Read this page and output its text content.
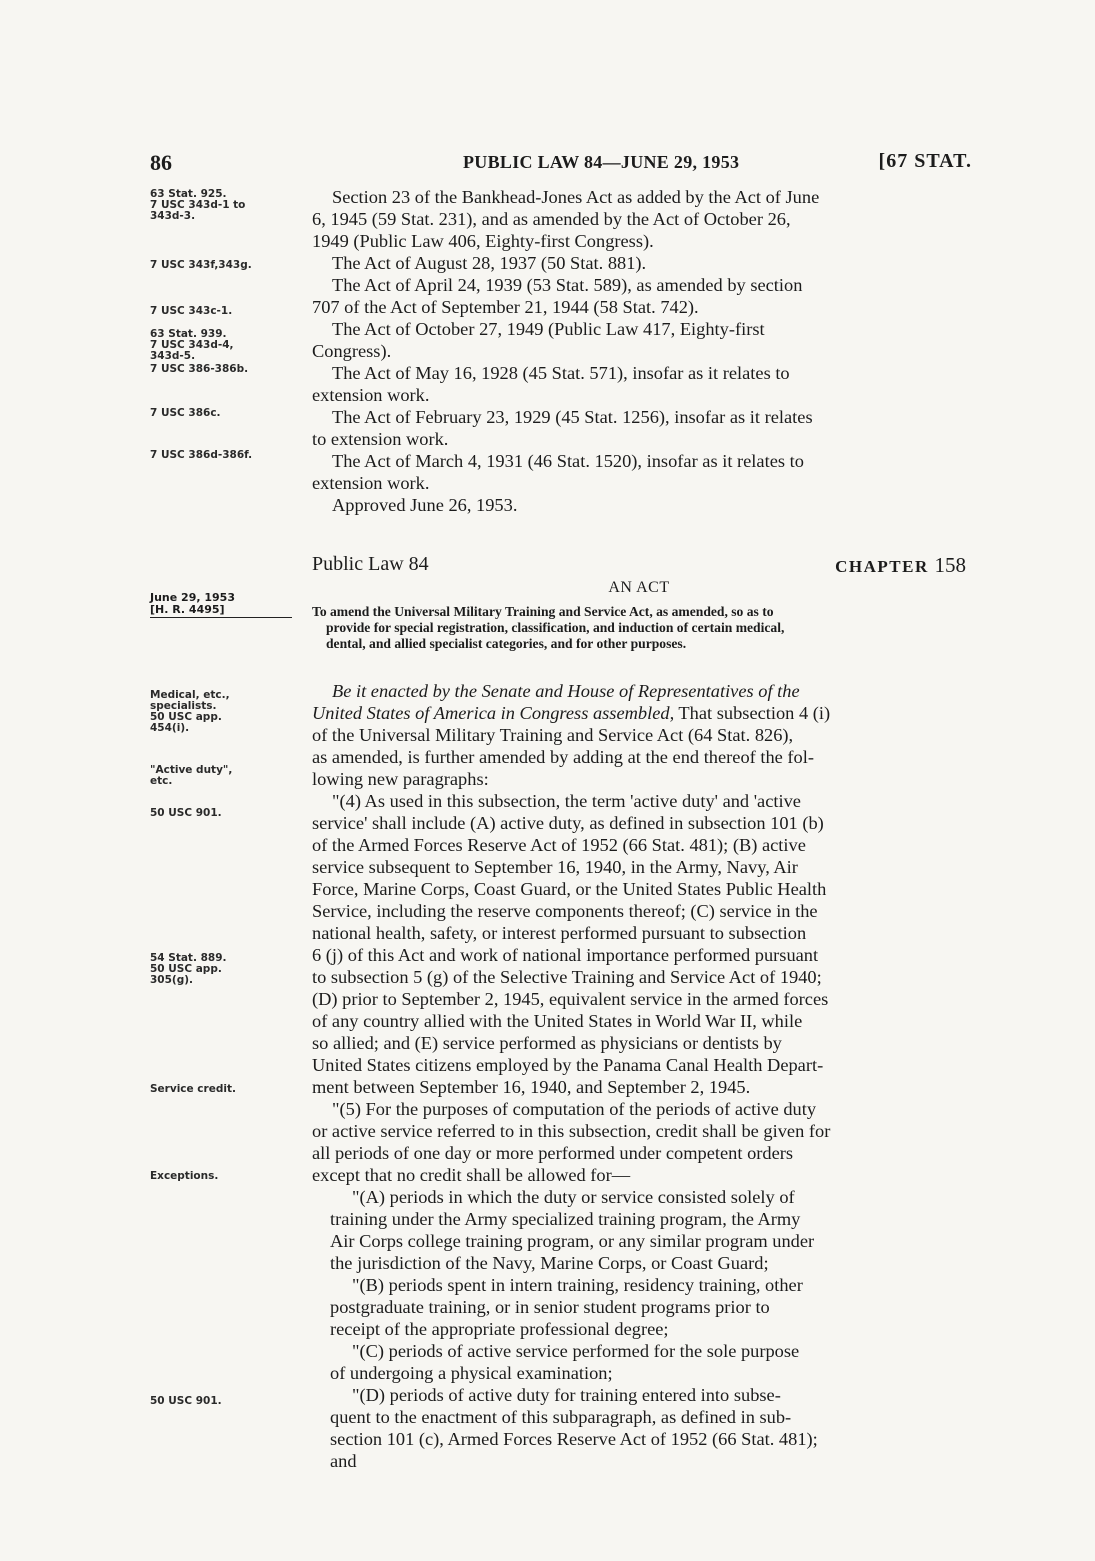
86	PUBLIC LAW 84—JUNE 29, 1953	[67 STAT.
63 Stat. 925.
7 USC 343d-1 to
343d-3.
7 USC 343f,343g.
7 USC 343c-1.
63 Stat. 939.
7 USC 343d-4,
343d-5.
7 USC 386-386b.
7 USC 386c.
7 USC 386d-386f.
June 29, 1953
[H. R. 4495]
Medical, etc.,
specialists.
50 USC app.
454(i).
"Active duty",
etc.
50 USC 901.
54 Stat. 889.
50 USC app.
305(g).
Service credit.
Exceptions.
50 USC 901.
Section 23 of the Bankhead-Jones Act as added by the Act of June
6, 1945 (59 Stat. 231), and as amended by the Act of October 26,
1949 (Public Law 406, Eighty-first Congress).
The Act of August 28, 1937 (50 Stat. 881).
The Act of April 24, 1939 (53 Stat. 589), as amended by section
707 of the Act of September 21, 1944 (58 Stat. 742).
The Act of October 27, 1949 (Public Law 417, Eighty-first
Congress).
The Act of May 16, 1928 (45 Stat. 571), insofar as it relates to
extension work.
The Act of February 23, 1929 (45 Stat. 1256), insofar as it relates
to extension work.
The Act of March 4, 1931 (46 Stat. 1520), insofar as it relates to
extension work.
Approved June 26, 1953.
Public Law 84	CHAPTER 158
AN ACT
To amend the Universal Military Training and Service Act, as amended, so as to
provide for special registration, classification, and induction of certain medical,
dental, and allied specialist categories, and for other purposes.
Be it enacted by the Senate and House of Representatives of the
United States of America in Congress assembled, That subsection 4 (i)
of the Universal Military Training and Service Act (64 Stat. 826),
as amended, is further amended by adding at the end thereof the fol-
lowing new paragraphs:
"(4) As used in this subsection, the term 'active duty' and 'active
service' shall include (A) active duty, as defined in subsection 101 (b)
of the Armed Forces Reserve Act of 1952 (66 Stat. 481); (B) active
service subsequent to September 16, 1940, in the Army, Navy, Air
Force, Marine Corps, Coast Guard, or the United States Public Health
Service, including the reserve components thereof; (C) service in the
national health, safety, or interest performed pursuant to subsection
6 (j) of this Act and work of national importance performed pursuant
to subsection 5 (g) of the Selective Training and Service Act of 1940;
(D) prior to September 2, 1945, equivalent service in the armed forces
of any country allied with the United States in World War II, while
so allied; and (E) service performed as physicians or dentists by
United States citizens employed by the Panama Canal Health Depart-
ment between September 16, 1940, and September 2, 1945.
"(5) For the purposes of computation of the periods of active duty
or active service referred to in this subsection, credit shall be given for
all periods of one day or more performed under competent orders
except that no credit shall be allowed for—
"(A) periods in which the duty or service consisted solely of
training under the Army specialized training program, the Army
Air Corps college training program, or any similar program under
the jurisdiction of the Navy, Marine Corps, or Coast Guard;
"(B) periods spent in intern training, residency training, other
postgraduate training, or in senior student programs prior to
receipt of the appropriate professional degree;
"(C) periods of active service performed for the sole purpose
of undergoing a physical examination;
"(D) periods of active duty for training entered into subse-
quent to the enactment of this subparagraph, as defined in sub-
section 101 (c), Armed Forces Reserve Act of 1952 (66 Stat. 481);
and
